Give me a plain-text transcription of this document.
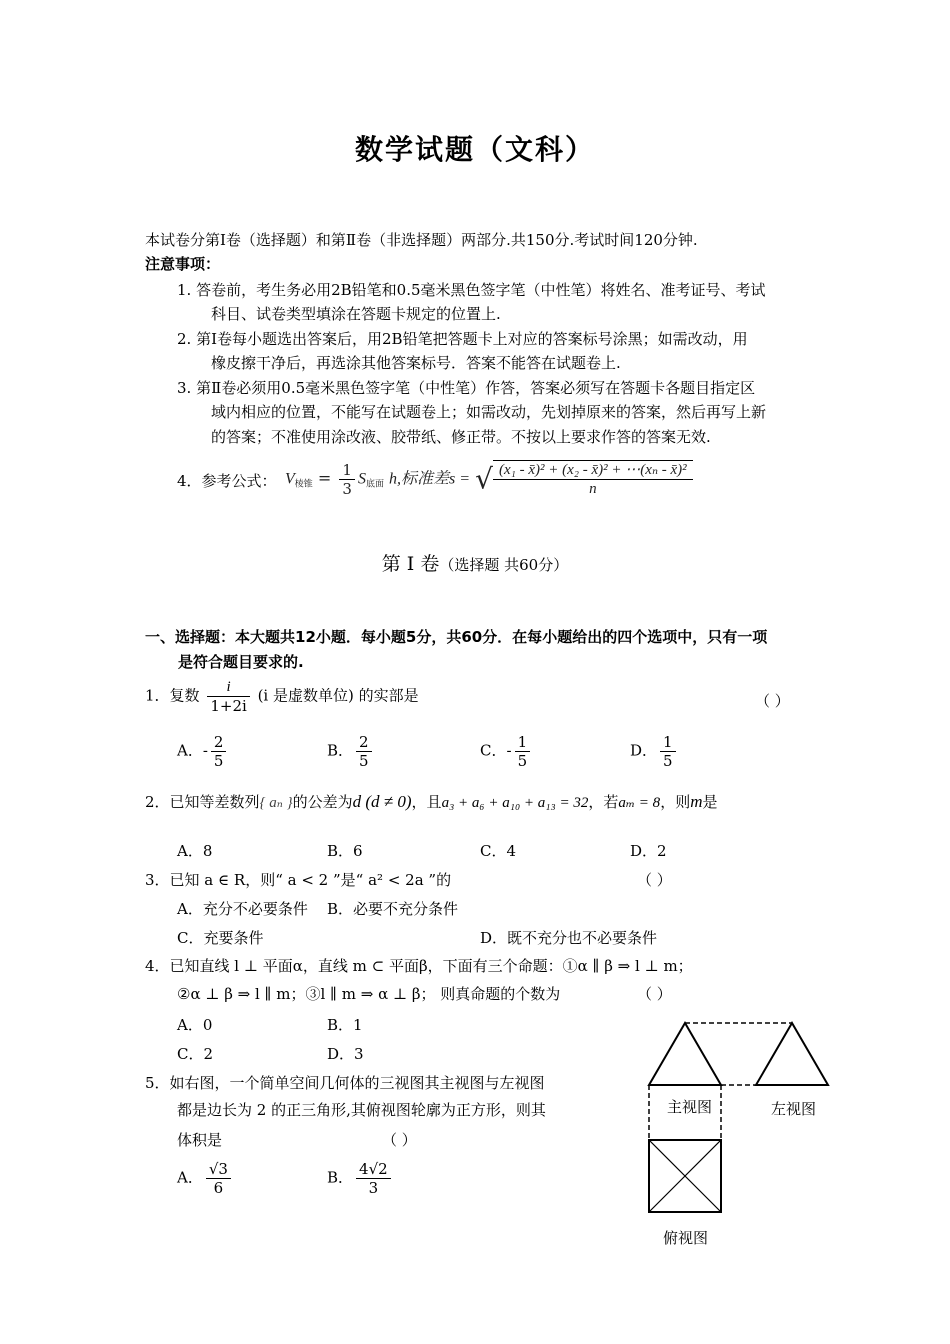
数学试题（文科）
本试卷分第Ⅰ卷（选择题）和第Ⅱ卷（非选择题）两部分.共150分.考试时间120分钟.
注意事项：
1. 答卷前，考生务必用2B铅笔和0.5毫米黑色签字笔（中性笔）将姓名、准考证号、考试
科目、试卷类型填涂在答题卡规定的位置上.
2. 第Ⅰ卷每小题选出答案后，用2B铅笔把答题卡上对应的答案标号涂黑；如需改动，用
橡皮擦干净后，再选涂其他答案标号．答案不能答在试题卷上.
3. 第Ⅱ卷必须用0.5毫米黑色签字笔（中性笔）作答，答案必须写在答题卡各题目指定区
域内相应的位置，不能写在试题卷上；如需改动，先划掉原来的答案，然后再写上新
的答案；不准使用涂改液、胶带纸、修正带。不按以上要求作答的答案无效.
4．参考公式： $V_{棱锥} = \frac{1}{3} S_{底面}$ h,标准差s = √ $\frac{\text{(x₁ - x̄)² + (x₂ - x̄)² + ⋯(xₙ - x̄)²}}{n}$
第 Ⅰ 卷（选择题 共60分）
一、选择题：本大题共12小题．每小题5分，共60分．在每小题给出的四个选项中，只有一项
是符合题目要求的.
1．复数 $\frac{i}{1+2i} (i$ 是虚数单位) 的实部是	（ ）
A．- $\frac{2}{5}$	B． $\frac{2}{5}$	C．- $\frac{1}{5}$	D． $\frac{1}{5}$
2．已知等差数列{ aₙ }的公差为d (d ≠ 0)，且a₃ + a₆ + a₁₀ + a₁₃ = 32，若aₘ = 8，则m是
A．8	B．6	C．4	D．2
3．已知 a ∈ R，则“ a < 2 ”是“ a² < 2a ”的	（ ）
A．充分不必要条件 B．必要不充分条件
C．充要条件	D．既不充分也不必要条件
4．已知直线 l ⊥ 平面α，直线 m ⊂ 平面β，下面有三个命题：①α ∥ β ⇒ l ⊥ m；
②α ⊥ β ⇒ l ∥ m；③l ∥ m ⇒ α ⊥ β； 则真命题的个数为	（ ）
A．0	B．1
C．2	D．3
5．如右图，一个简单空间几何体的三视图其主视图与左视图
都是边长为 2 的正三角形,其俯视图轮廓为正方形，则其
体积是	（ ）
A． $\frac{√3}{6}$	B． $\frac{4√2}{3}$
主视图	左视图
俯视图
